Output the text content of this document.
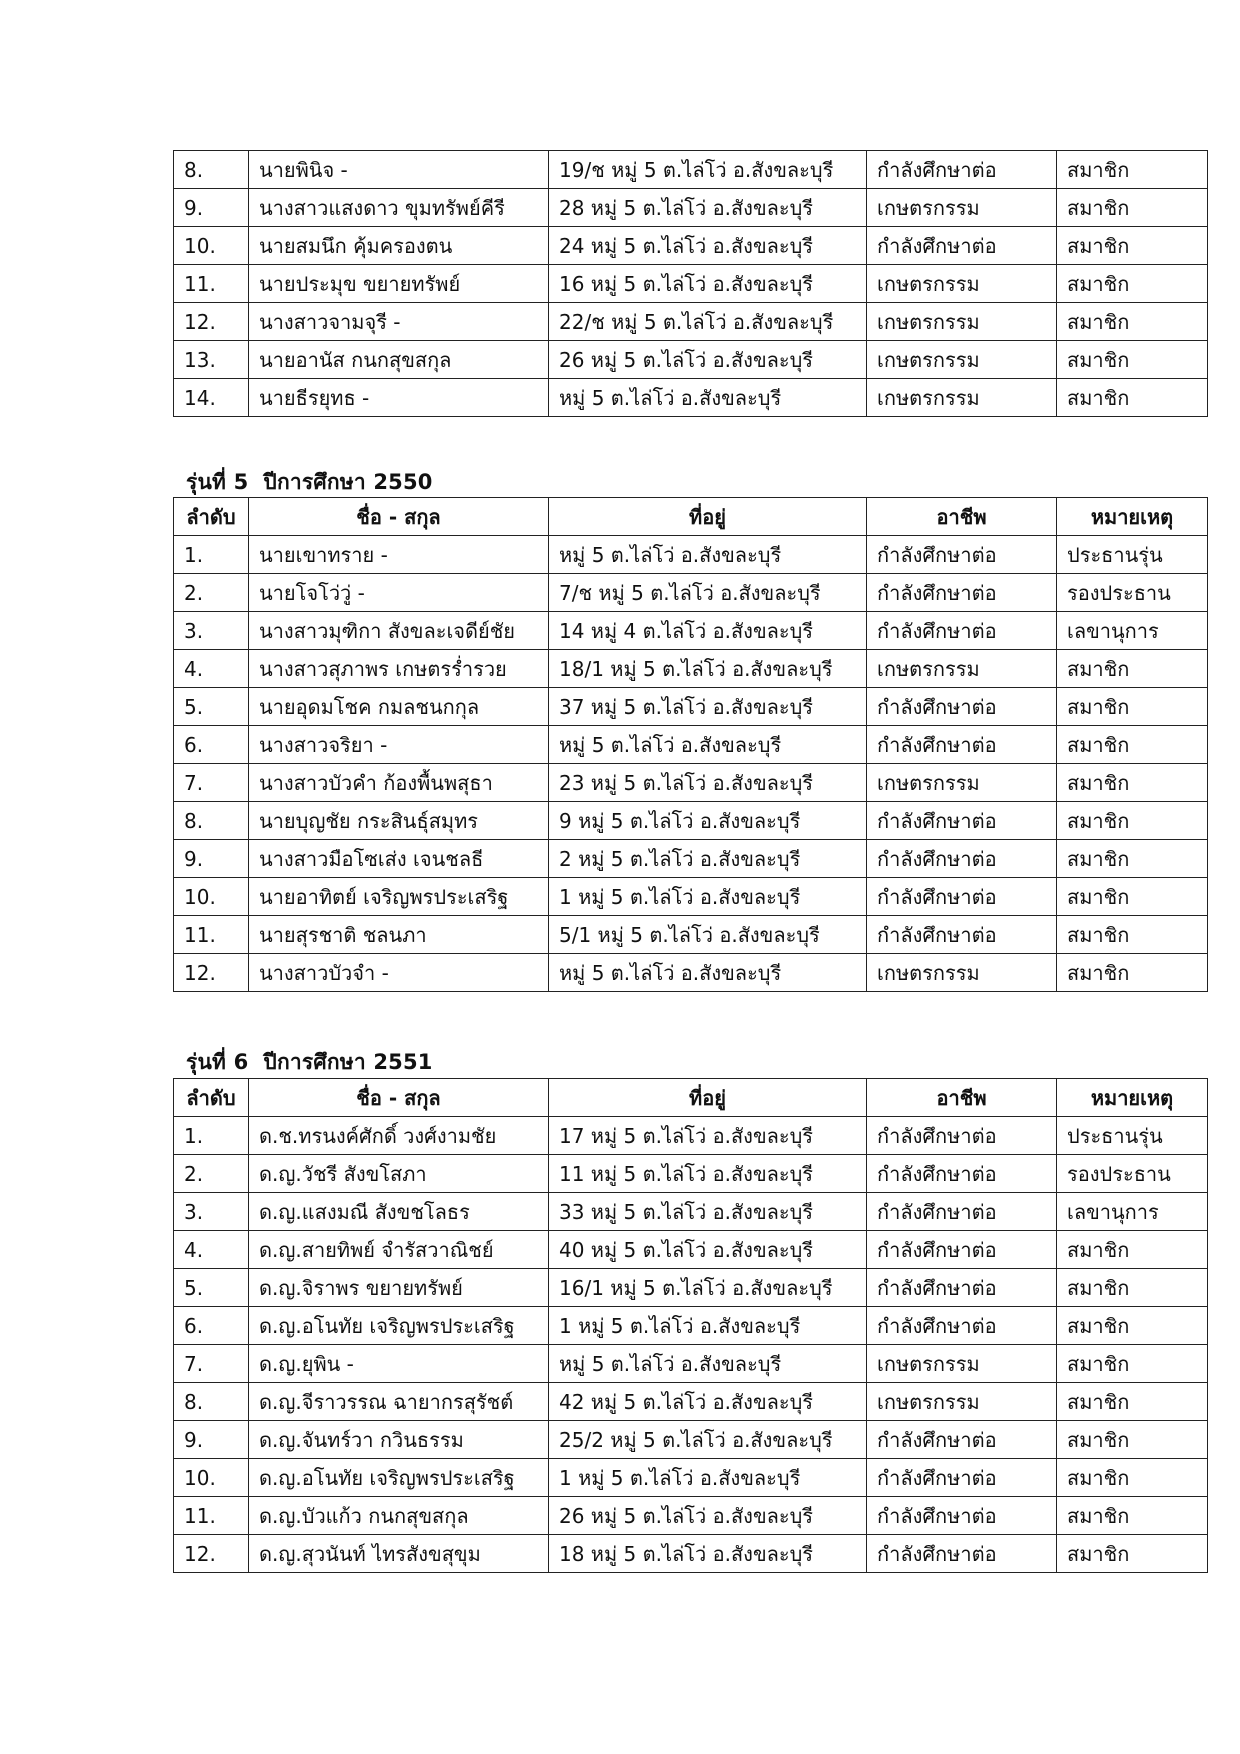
8.	นายพินิจ -	19/ช หมู่ 5 ต.ไล่โว่ อ.สังขละบุรี	กำลังศึกษาต่อ	สมาชิก
9.	นางสาวแสงดาว ขุมทรัพย์คีรี	28 หมู่ 5 ต.ไล่โว่ อ.สังขละบุรี	เกษตรกรรม	สมาชิก
10.	นายสมนึก คุ้มครองตน	24 หมู่ 5 ต.ไล่โว่ อ.สังขละบุรี	กำลังศึกษาต่อ	สมาชิก
11.	นายประมุข ขยายทรัพย์	16 หมู่ 5 ต.ไล่โว่ อ.สังขละบุรี	เกษตรกรรม	สมาชิก
12.	นางสาวจามจุรี -	22/ช หมู่ 5 ต.ไล่โว่ อ.สังขละบุรี	เกษตรกรรม	สมาชิก
13.	นายอานัส กนกสุขสกุล	26 หมู่ 5 ต.ไล่โว่ อ.สังขละบุรี	เกษตรกรรม	สมาชิก
14.	นายธีรยุทธ -	หมู่ 5 ต.ไล่โว่ อ.สังขละบุรี	เกษตรกรรม	สมาชิก
รุ่นที่ 5  ปีการศึกษา 2550
ลำดับ	ชื่อ - สกุล	ที่อยู่	อาชีพ	หมายเหตุ
1.	นายเขาทราย -	หมู่ 5 ต.ไล่โว่ อ.สังขละบุรี	กำลังศึกษาต่อ	ประธานรุ่น
2.	นายโจโว่วู่ -	7/ช หมู่ 5 ต.ไล่โว่ อ.สังขละบุรี	กำลังศึกษาต่อ	รองประธาน
3.	นางสาวมุฑิกา สังขละเจดีย์ชัย	14 หมู่ 4 ต.ไล่โว่ อ.สังขละบุรี	กำลังศึกษาต่อ	เลขานุการ
4.	นางสาวสุภาพร เกษตรร่ำรวย	18/1 หมู่ 5 ต.ไล่โว่ อ.สังขละบุรี	เกษตรกรรม	สมาชิก
5.	นายอุดมโชค กมลชนกกุล	37 หมู่ 5 ต.ไล่โว่ อ.สังขละบุรี	กำลังศึกษาต่อ	สมาชิก
6.	นางสาวจริยา -	หมู่ 5 ต.ไล่โว่ อ.สังขละบุรี	กำลังศึกษาต่อ	สมาชิก
7.	นางสาวบัวคำ ก้องพื้นพสุธา	23 หมู่ 5 ต.ไล่โว่ อ.สังขละบุรี	เกษตรกรรม	สมาชิก
8.	นายบุญชัย กระสินธุ์สมุทร	9 หมู่ 5 ต.ไล่โว่ อ.สังขละบุรี	กำลังศึกษาต่อ	สมาชิก
9.	นางสาวมือโซเส่ง เจนชลธี	2 หมู่ 5 ต.ไล่โว่ อ.สังขละบุรี	กำลังศึกษาต่อ	สมาชิก
10.	นายอาทิตย์ เจริญพรประเสริฐ	1 หมู่ 5 ต.ไล่โว่ อ.สังขละบุรี	กำลังศึกษาต่อ	สมาชิก
11.	นายสุรชาติ ชลนภา	5/1 หมู่ 5 ต.ไล่โว่ อ.สังขละบุรี	กำลังศึกษาต่อ	สมาชิก
12.	นางสาวบัวจำ -	หมู่ 5 ต.ไล่โว่ อ.สังขละบุรี	เกษตรกรรม	สมาชิก
รุ่นที่ 6  ปีการศึกษา 2551
ลำดับ	ชื่อ - สกุล	ที่อยู่	อาชีพ	หมายเหตุ
1.	ด.ช.ทรนงค์ศักดิ์ วงศ์งามชัย	17 หมู่ 5 ต.ไล่โว่ อ.สังขละบุรี	กำลังศึกษาต่อ	ประธานรุ่น
2.	ด.ญ.วัชรี สังขโสภา	11 หมู่ 5 ต.ไล่โว่ อ.สังขละบุรี	กำลังศึกษาต่อ	รองประธาน
3.	ด.ญ.แสงมณี สังขชโลธร	33 หมู่ 5 ต.ไล่โว่ อ.สังขละบุรี	กำลังศึกษาต่อ	เลขานุการ
4.	ด.ญ.สายทิพย์ จำรัสวาณิชย์	40 หมู่ 5 ต.ไล่โว่ อ.สังขละบุรี	กำลังศึกษาต่อ	สมาชิก
5.	ด.ญ.จิราพร ขยายทรัพย์	16/1 หมู่ 5 ต.ไล่โว่ อ.สังขละบุรี	กำลังศึกษาต่อ	สมาชิก
6.	ด.ญ.อโนทัย เจริญพรประเสริฐ	1 หมู่ 5 ต.ไล่โว่ อ.สังขละบุรี	กำลังศึกษาต่อ	สมาชิก
7.	ด.ญ.ยุพิน -	หมู่ 5 ต.ไล่โว่ อ.สังขละบุรี	เกษตรกรรม	สมาชิก
8.	ด.ญ.จีราวรรณ ฉายากรสุรัชต์	42 หมู่ 5 ต.ไล่โว่ อ.สังขละบุรี	เกษตรกรรม	สมาชิก
9.	ด.ญ.จันทร์วา กวินธรรม	25/2 หมู่ 5 ต.ไล่โว่ อ.สังขละบุรี	กำลังศึกษาต่อ	สมาชิก
10.	ด.ญ.อโนทัย เจริญพรประเสริฐ	1 หมู่ 5 ต.ไล่โว่ อ.สังขละบุรี	กำลังศึกษาต่อ	สมาชิก
11.	ด.ญ.บัวแก้ว กนกสุขสกุล	26 หมู่ 5 ต.ไล่โว่ อ.สังขละบุรี	กำลังศึกษาต่อ	สมาชิก
12.	ด.ญ.สุวนันท์ ไทรสังขสุขุม	18 หมู่ 5 ต.ไล่โว่ อ.สังขละบุรี	กำลังศึกษาต่อ	สมาชิก
